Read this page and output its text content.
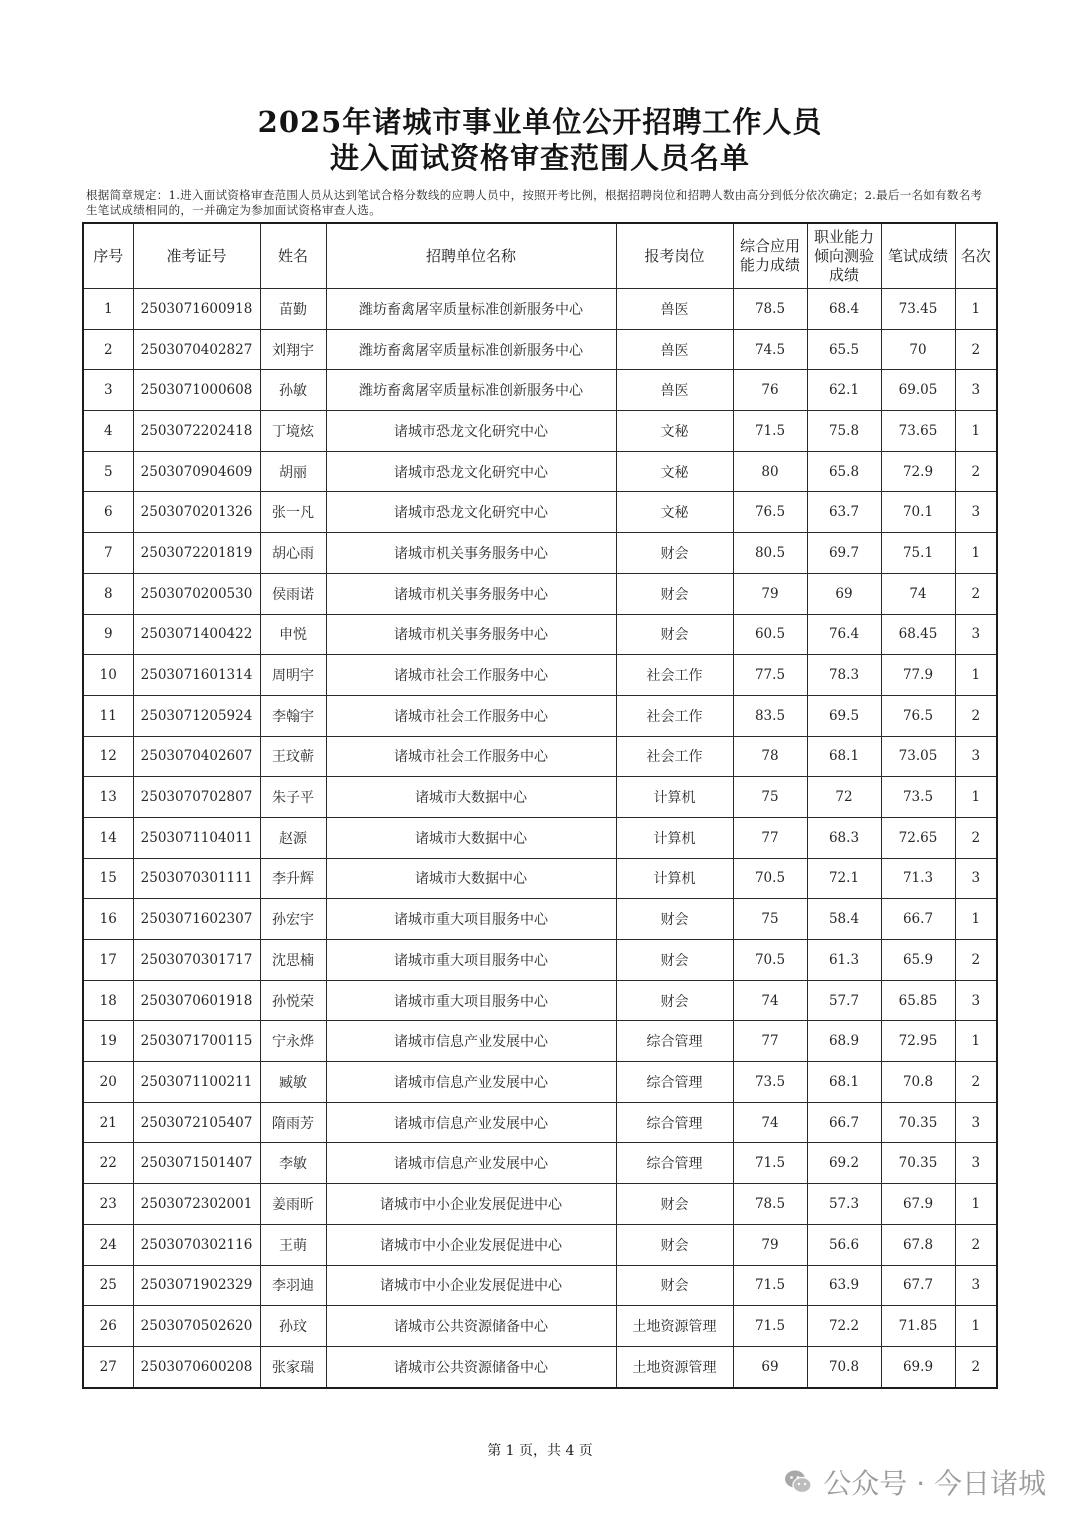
2025年诸城市事业单位公开招聘工作人员
进入面试资格审查范围人员名单
根据简章规定：1.进入面试资格审查范围人员从达到笔试合格分数线的应聘人员中，按照开考比例，根据招聘岗位和招聘人数由高分到低分依次确定；2.最后一名如有数名考生笔试成绩相同的，一并确定为参加面试资格审查人选。
序号	准考证号	姓名	招聘单位名称	报考岗位	综合应用能力成绩	职业能力倾向测验成绩	笔试成绩	名次
1	2503071600918	苗勤	潍坊畜禽屠宰质量标准创新服务中心	兽医	78.5	68.4	73.45	1
2	2503070402827	刘翔宇	潍坊畜禽屠宰质量标准创新服务中心	兽医	74.5	65.5	70	2
3	2503071000608	孙敏	潍坊畜禽屠宰质量标准创新服务中心	兽医	76	62.1	69.05	3
4	2503072202418	丁境炫	诸城市恐龙文化研究中心	文秘	71.5	75.8	73.65	1
5	2503070904609	胡丽	诸城市恐龙文化研究中心	文秘	80	65.8	72.9	2
6	2503070201326	张一凡	诸城市恐龙文化研究中心	文秘	76.5	63.7	70.1	3
7	2503072201819	胡心雨	诸城市机关事务服务中心	财会	80.5	69.7	75.1	1
8	2503070200530	侯雨诺	诸城市机关事务服务中心	财会	79	69	74	2
9	2503071400422	申悦	诸城市机关事务服务中心	财会	60.5	76.4	68.45	3
10	2503071601314	周明宇	诸城市社会工作服务中心	社会工作	77.5	78.3	77.9	1
11	2503071205924	李翰宇	诸城市社会工作服务中心	社会工作	83.5	69.5	76.5	2
12	2503070402607	王玟蕲	诸城市社会工作服务中心	社会工作	78	68.1	73.05	3
13	2503070702807	朱子平	诸城市大数据中心	计算机	75	72	73.5	1
14	2503071104011	赵源	诸城市大数据中心	计算机	77	68.3	72.65	2
15	2503070301111	李升辉	诸城市大数据中心	计算机	70.5	72.1	71.3	3
16	2503071602307	孙宏宇	诸城市重大项目服务中心	财会	75	58.4	66.7	1
17	2503070301717	沈思楠	诸城市重大项目服务中心	财会	70.5	61.3	65.9	2
18	2503070601918	孙悦荣	诸城市重大项目服务中心	财会	74	57.7	65.85	3
19	2503071700115	宁永烨	诸城市信息产业发展中心	综合管理	77	68.9	72.95	1
20	2503071100211	臧敏	诸城市信息产业发展中心	综合管理	73.5	68.1	70.8	2
21	2503072105407	隋雨芳	诸城市信息产业发展中心	综合管理	74	66.7	70.35	3
22	2503071501407	李敏	诸城市信息产业发展中心	综合管理	71.5	69.2	70.35	3
23	2503072302001	姜雨昕	诸城市中小企业发展促进中心	财会	78.5	57.3	67.9	1
24	2503070302116	王萌	诸城市中小企业发展促进中心	财会	79	56.6	67.8	2
25	2503071902329	李羽迪	诸城市中小企业发展促进中心	财会	71.5	63.9	67.7	3
26	2503070502620	孙玟	诸城市公共资源储备中心	土地资源管理	71.5	72.2	71.85	1
27	2503070600208	张家瑞	诸城市公共资源储备中心	土地资源管理	69	70.8	69.9	2
第 1 页，共 4 页
公众号 · 今日诸城
